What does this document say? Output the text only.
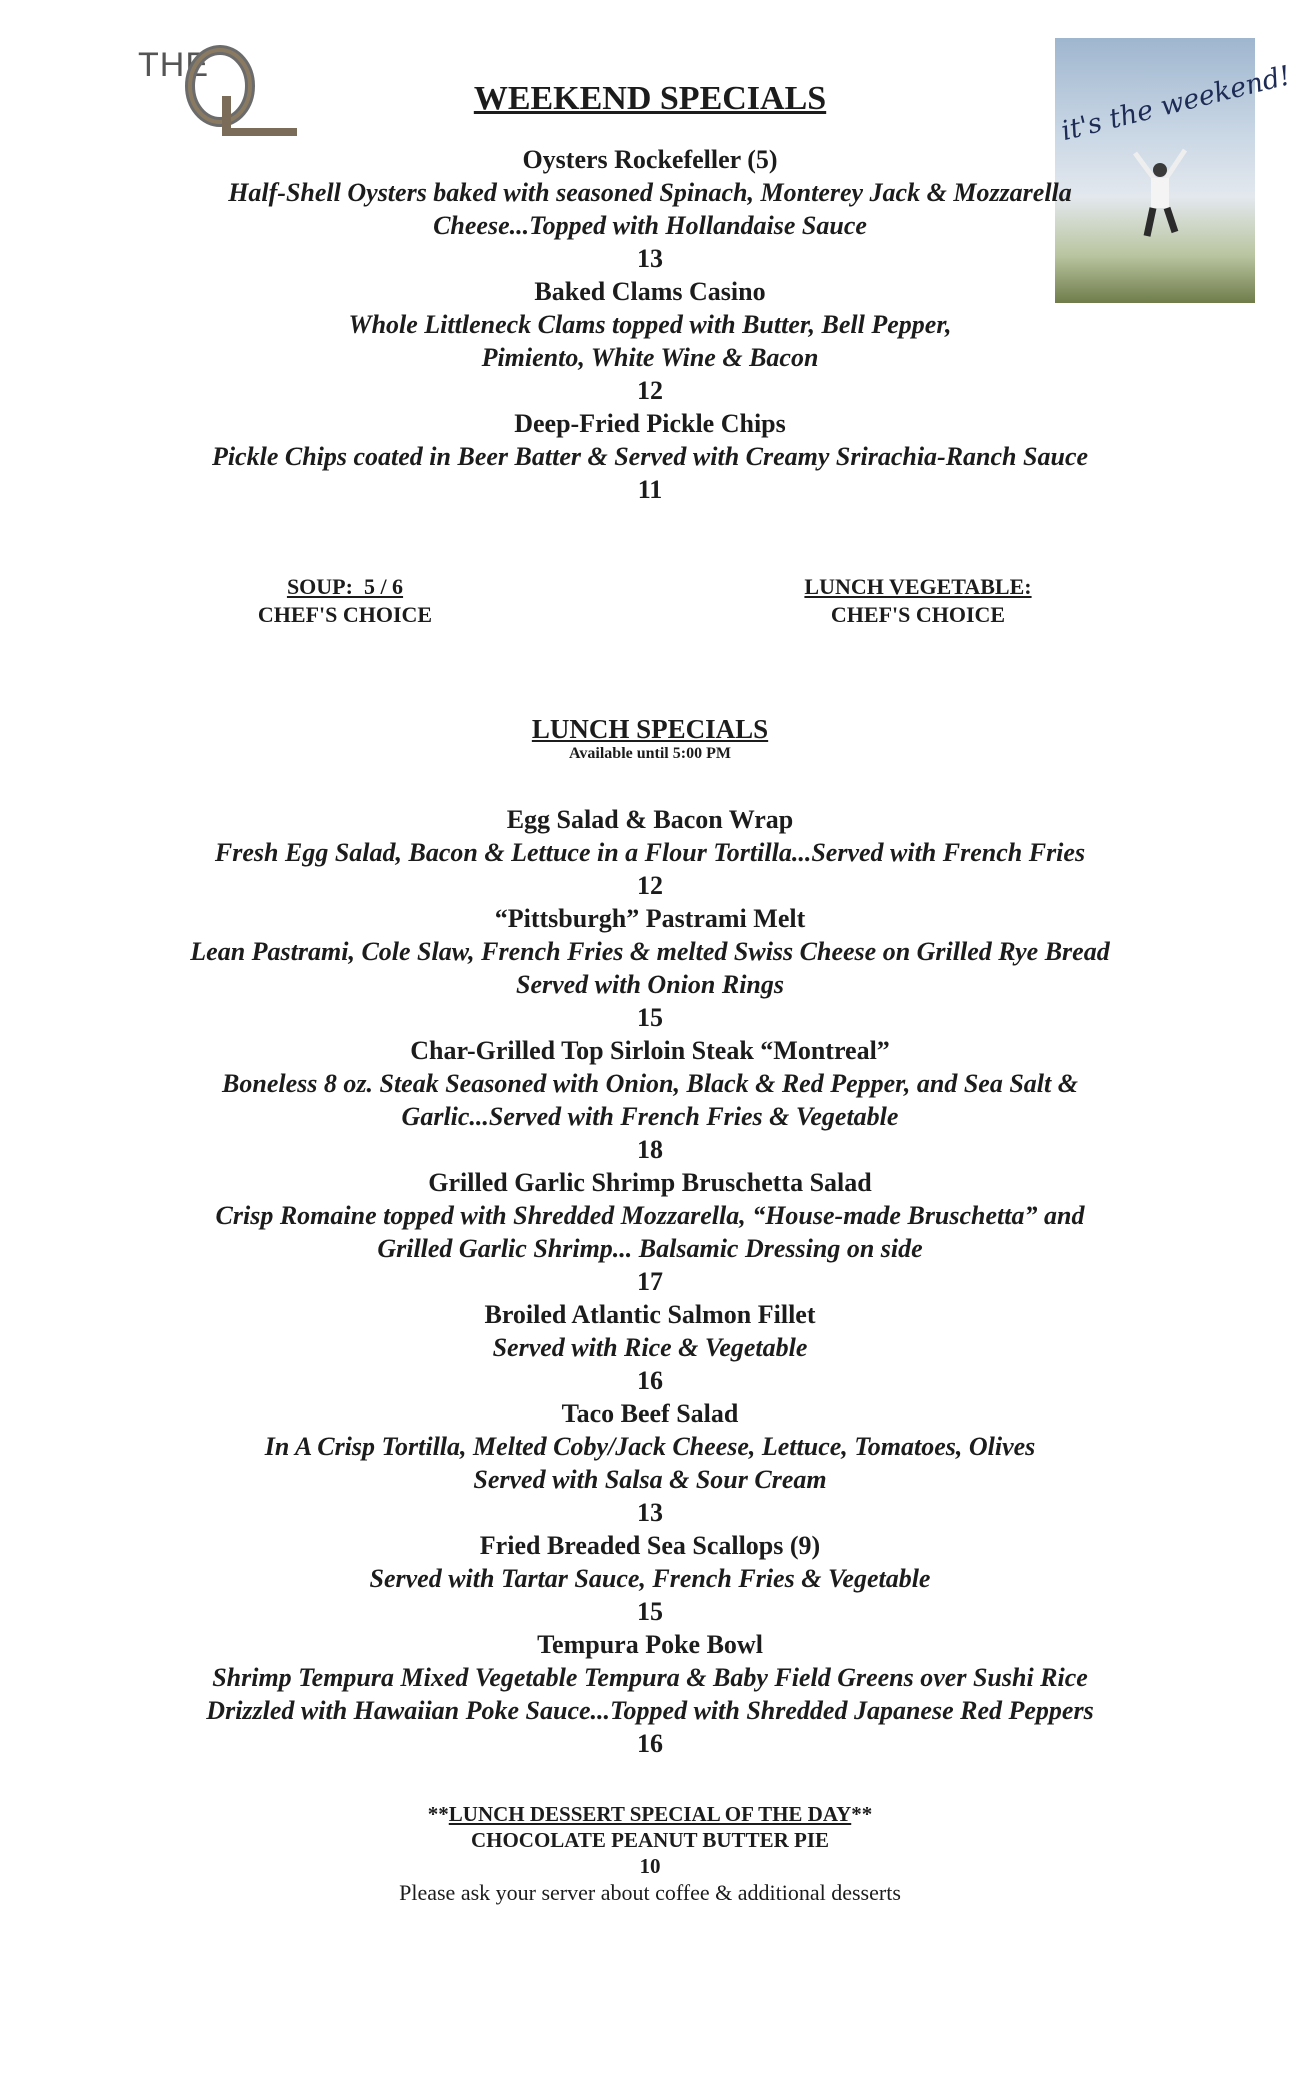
THE	it's the weekend!
WEEKEND SPECIALS
Oysters Rockefeller (5)
Half-Shell Oysters baked with seasoned Spinach, Monterey Jack & Mozzarella
Cheese...Topped with Hollandaise Sauce
13
Baked Clams Casino
Whole Littleneck Clams topped with Butter, Bell Pepper,
Pimiento, White Wine & Bacon
12
Deep-Fried Pickle Chips
Pickle Chips coated in Beer Batter & Served with Creamy Srirachia-Ranch Sauce
11
SOUP:  5 / 6
CHEF'S CHOICE
LUNCH VEGETABLE:
CHEF'S CHOICE
LUNCH SPECIALS
Available until 5:00 PM
Egg Salad & Bacon Wrap
Fresh Egg Salad, Bacon & Lettuce in a Flour Tortilla...Served with French Fries
12
“Pittsburgh” Pastrami Melt
Lean Pastrami, Cole Slaw, French Fries & melted Swiss Cheese on Grilled Rye Bread
Served with Onion Rings
15
Char-Grilled Top Sirloin Steak “Montreal”
Boneless 8 oz. Steak Seasoned with Onion, Black & Red Pepper, and Sea Salt &
Garlic...Served with French Fries & Vegetable
18
Grilled Garlic Shrimp Bruschetta Salad
Crisp Romaine topped with Shredded Mozzarella, “House-made Bruschetta” and
Grilled Garlic Shrimp... Balsamic Dressing on side
17
Broiled Atlantic Salmon Fillet
Served with Rice & Vegetable
16
Taco Beef Salad
In A Crisp Tortilla, Melted Coby/Jack Cheese, Lettuce, Tomatoes, Olives
Served with Salsa & Sour Cream
13
Fried Breaded Sea Scallops (9)
Served with Tartar Sauce, French Fries & Vegetable
15
Tempura Poke Bowl
Shrimp Tempura Mixed Vegetable Tempura & Baby Field Greens over Sushi Rice
Drizzled with Hawaiian Poke Sauce...Topped with Shredded Japanese Red Peppers
16
**LUNCH DESSERT SPECIAL OF THE DAY**
CHOCOLATE PEANUT BUTTER PIE
10
Please ask your server about coffee & additional desserts
